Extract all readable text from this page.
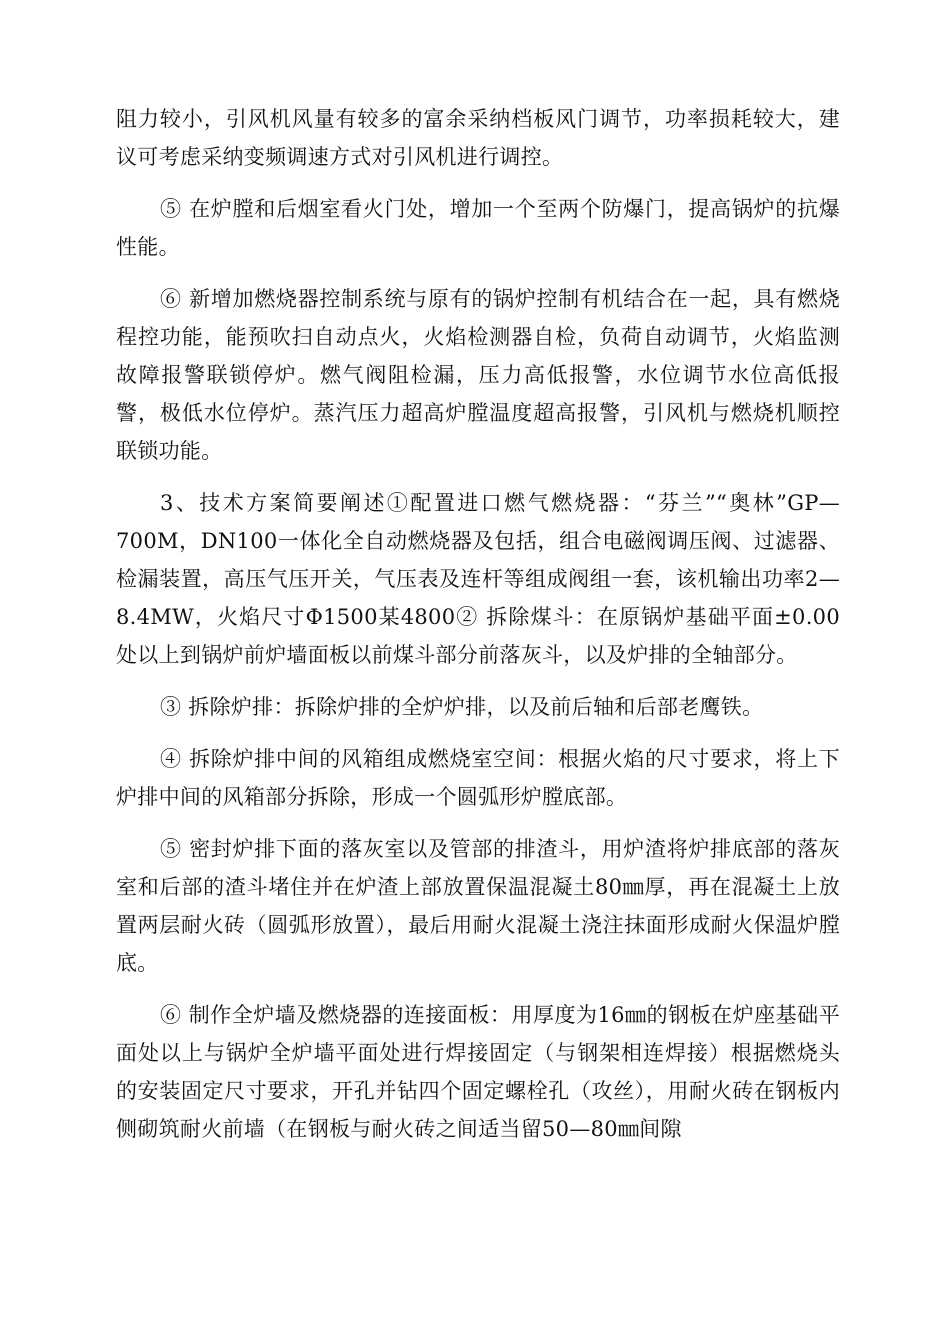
阻力较小，引风机风量有较多的富余采纳档板风门调节，功率损耗较大，建议可考虑采纳变频调速方式对引风机进行调控。

⑤ 在炉膛和后烟室看火门处，增加一个至两个防爆门，提高锅炉的抗爆性能。

⑥ 新增加燃烧器控制系统与原有的锅炉控制有机结合在一起，具有燃烧程控功能，能预吹扫自动点火，火焰检测器自检，负荷自动调节，火焰监测故障报警联锁停炉。燃气阀阻检漏，压力高低报警，水位调节水位高低报警，极低水位停炉。蒸汽压力超高炉膛温度超高报警，引风机与燃烧机顺控联锁功能。

3、技术方案简要阐述①配置进口燃气燃烧器：“芬兰”“奥林”GP—700M，DN100一体化全自动燃烧器及包括，组合电磁阀调压阀、过滤器、检漏装置，高压气压开关，气压表及连杆等组成阀组一套，该机输出功率2—8.4MW，火焰尺寸Φ1500某4800② 拆除煤斗：在原锅炉基础平面±0.00处以上到锅炉前炉墙面板以前煤斗部分前落灰斗，以及炉排的全轴部分。

③ 拆除炉排：拆除炉排的全炉炉排，以及前后轴和后部老鹰铁。

④ 拆除炉排中间的风箱组成燃烧室空间：根据火焰的尺寸要求，将上下炉排中间的风箱部分拆除，形成一个圆弧形炉膛底部。

⑤ 密封炉排下面的落灰室以及管部的排渣斗，用炉渣将炉排底部的落灰室和后部的渣斗堵住并在炉渣上部放置保温混凝土80㎜厚，再在混凝土上放置两层耐火砖（圆弧形放置），最后用耐火混凝土浇注抹面形成耐火保温炉膛底。

⑥ 制作全炉墙及燃烧器的连接面板：用厚度为16㎜的钢板在炉座基础平面处以上与锅炉全炉墙平面处进行焊接固定（与钢架相连焊接）根据燃烧头的安装固定尺寸要求，开孔并钻四个固定螺栓孔（攻丝），用耐火砖在钢板内侧砌筑耐火前墙（在钢板与耐火砖之间适当留50—80㎜间隙
